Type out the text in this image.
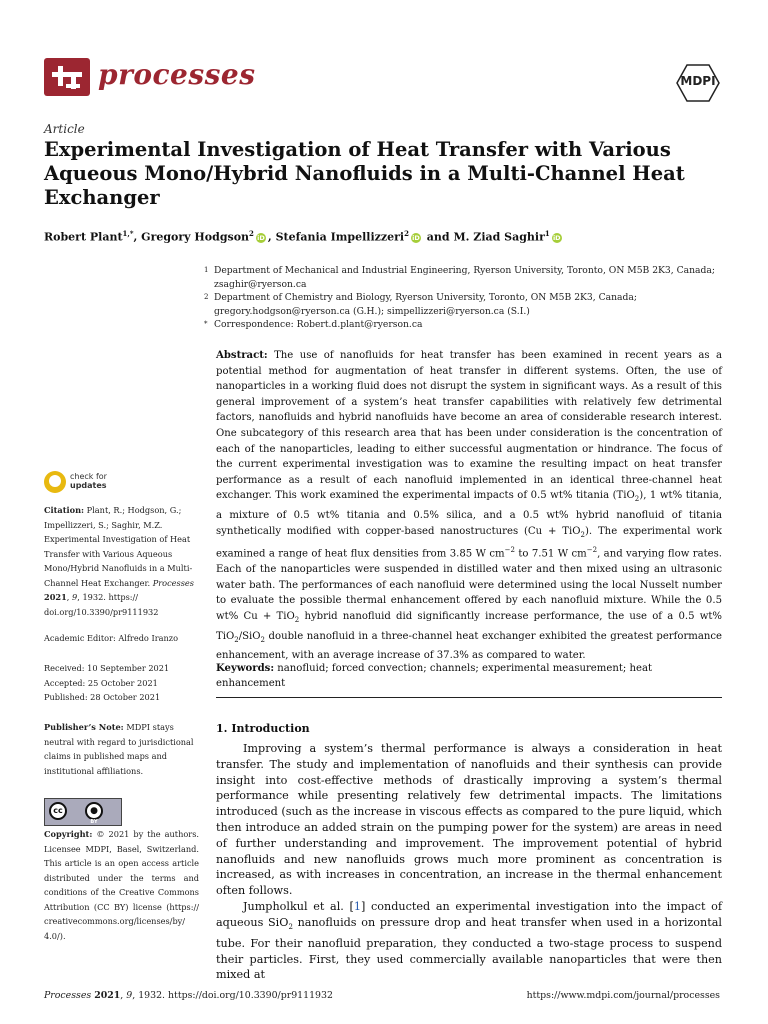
processes	MDPI
Article
Experimental Investigation of Heat Transfer with Various Aqueous Mono/Hybrid Nanofluids in a Multi-Channel Heat Exchanger
Robert Plant$^{1,*}$, Gregory Hodgson$^2$ iD , Stefania Impellizzeri$^2$ iD and M. Ziad Saghir$^1$ iD
1 Department of Mechanical and Industrial Engineering, Ryerson University, Toronto, ON M5B 2K3, Canada;
zsaghir@ryerson.ca
2 Department of Chemistry and Biology, Ryerson University, Toronto, ON M5B 2K3, Canada;
gregory.hodgson@ryerson.ca (G.H.); simpellizzeri@ryerson.ca (S.I.)
* Correspondence: Robert.d.plant@ryerson.ca
Abstract: The use of nanofluids for heat transfer has been examined in recent years as a potential method for augmentation of heat transfer in different systems. Often, the use of nanoparticles in a working fluid does not disrupt the system in significant ways. As a result of this general improvement of a system’s heat transfer capabilities with relatively few detrimental factors, nanofluids and hybrid nanofluids have become an area of considerable research interest. One subcategory of this research area that has been under consideration is the concentration of each of the nanoparticles, leading to either successful augmentation or hindrance. The focus of the current experimental investigation was to examine the resulting impact on heat transfer performance as a result of each nanofluid implemented in an identical three-channel heat exchanger. This work examined the experimental impacts of 0.5 wt% titania (TiO$_2$), 1 wt% titania, a mixture of 0.5 wt% titania and 0.5% silica, and a 0.5 wt% hybrid nanofluid of titania synthetically modified with copper-based nanostructures (Cu + TiO$_2$). The experimental work examined a range of heat flux densities from 3.85 W $cm^{-2}$ to 7.51 W $cm^{-2}$, and varying flow rates. Each of the nanoparticles were suspended in distilled water and then mixed using an ultrasonic water bath. The performances of each nanofluid were determined using the local Nusselt number to evaluate the possible thermal enhancement offered by each nanofluid mixture. While the 0.5 wt% Cu + TiO$_2$ hybrid nanofluid did significantly increase performance, the use of a 0.5 wt% TiO$_2$/SiO$_2$ double nanofluid in a three-channel heat exchanger exhibited the greatest performance enhancement, with an average increase of 37.3% as compared to water.
Keywords: nanofluid; forced convection; channels; experimental measurement; heat enhancement
check for
updates
Citation: Plant, R.; Hodgson, G.; Impellizzeri, S.; Saghir, M.Z. Experimental Investigation of Heat Transfer with Various Aqueous Mono/Hybrid Nanofluids in a Multi-Channel Heat Exchanger. Processes 2021, 9, 1932. https:// doi.org/10.3390/pr9111932
Academic Editor: Alfredo Iranzo
Received: 10 September 2021
Accepted: 25 October 2021
Published: 28 October 2021
Publisher’s Note: MDPI stays neutral with regard to jurisdictional claims in published maps and institutional affiliations.
cc	●
BY
Copyright: © 2021 by the authors. Licensee MDPI, Basel, Switzerland. This article is an open access article distributed under the terms and conditions of the Creative Commons Attribution (CC BY) license (https:// creativecommons.org/licenses/by/ 4.0/).
1. Introduction

Improving a system’s thermal performance is always a consideration in heat transfer. The study and implementation of nanofluids and their synthesis can provide insight into cost-effective methods of drastically improving a system’s thermal performance while presenting relatively few detrimental impacts. The limitations introduced (such as the increase in viscous effects as compared to the pure liquid, which then introduce an added strain on the pumping power for the system) are areas in need of further understanding and improvement. The improvement potential of hybrid nanofluids and new nanofluids grows much more prominent as concentration is increased, as with increases in concentration, an increase in the thermal enhancement often follows.

Jumpholkul et al. [1] conducted an experimental investigation into the impact of aqueous SiO$_2$ nanofluids on pressure drop and heat transfer when used in a horizontal tube. For their nanofluid preparation, they conducted a two-stage process to suspend their particles. First, they used commercially available nanoparticles that were then mixed at

Processes 2021, 9, 1932. https://doi.org/10.3390/pr9111932	https://www.mdpi.com/journal/processes
